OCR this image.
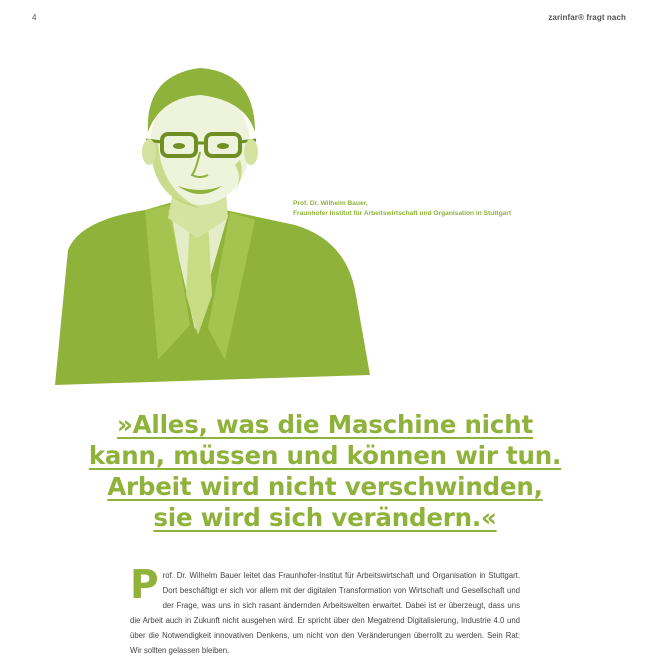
4	zarinfar® fragt nach
Prof. Dr. Wilhelm Bauer,
Fraunhofer Institut für Arbeitswirtschaft und Organisation in Stuttgart
»Alles, was die Maschine nicht
kann, müssen und können wir tun.
Arbeit wird nicht verschwinden,
sie wird sich verändern.«
Prof. Dr. Wilhelm Bauer leitet das Fraunhofer-Institut für Arbeitswirtschaft und Organisation in Stuttgart. Dort beschäftigt er sich vor allem mit der digitalen Transformation von Wirtschaft und Gesellschaft und der Frage, was uns in sich rasant ändernden Arbeitswelten erwartet. Dabei ist er überzeugt, dass uns die Arbeit auch in Zukunft nicht ausgehen wird. Er spricht über den Megatrend Digitalisierung, Industrie 4.0 und über die Notwendigkeit innovativen Denkens, um nicht von den Veränderungen überrollt zu werden. Sein Rat: Wir sollten gelassen bleiben.
